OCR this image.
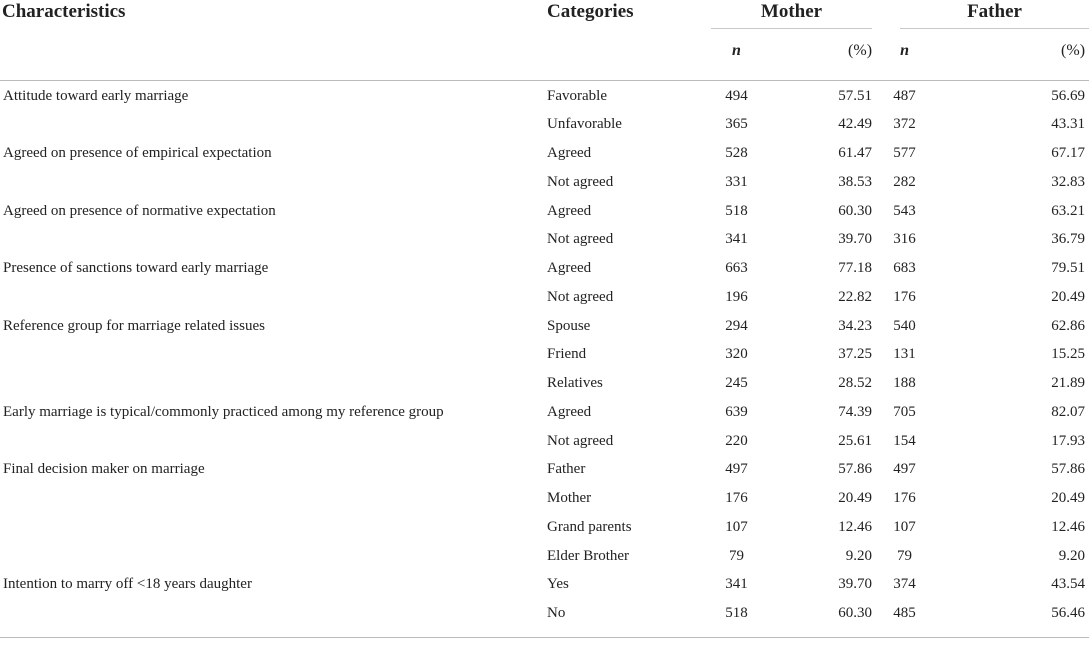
Characteristics	Categories	Mother		Father	

		n	(%)	n	(%)

Attitude toward early marriage	Favorable	494	57.51	487	56.69
	Unfavorable	365	42.49	372	43.31
Agreed on presence of empirical expectation	Agreed	528	61.47	577	67.17
	Not agreed	331	38.53	282	32.83
Agreed on presence of normative expectation	Agreed	518	60.30	543	63.21
	Not agreed	341	39.70	316	36.79
Presence of sanctions toward early marriage	Agreed	663	77.18	683	79.51
	Not agreed	196	22.82	176	20.49
Reference group for marriage related issues	Spouse	294	34.23	540	62.86
	Friend	320	37.25	131	15.25
	Relatives	245	28.52	188	21.89
Early marriage is typical/commonly practiced among my reference group	Agreed	639	74.39	705	82.07
	Not agreed	220	25.61	154	17.93
Final decision maker on marriage	Father	497	57.86	497	57.86
	Mother	176	20.49	176	20.49
	Grand parents	107	12.46	107	12.46
	Elder Brother	79	9.20	79	9.20
Intention to marry off <18 years daughter	Yes	341	39.70	374	43.54
	No	518	60.30	485	56.46
